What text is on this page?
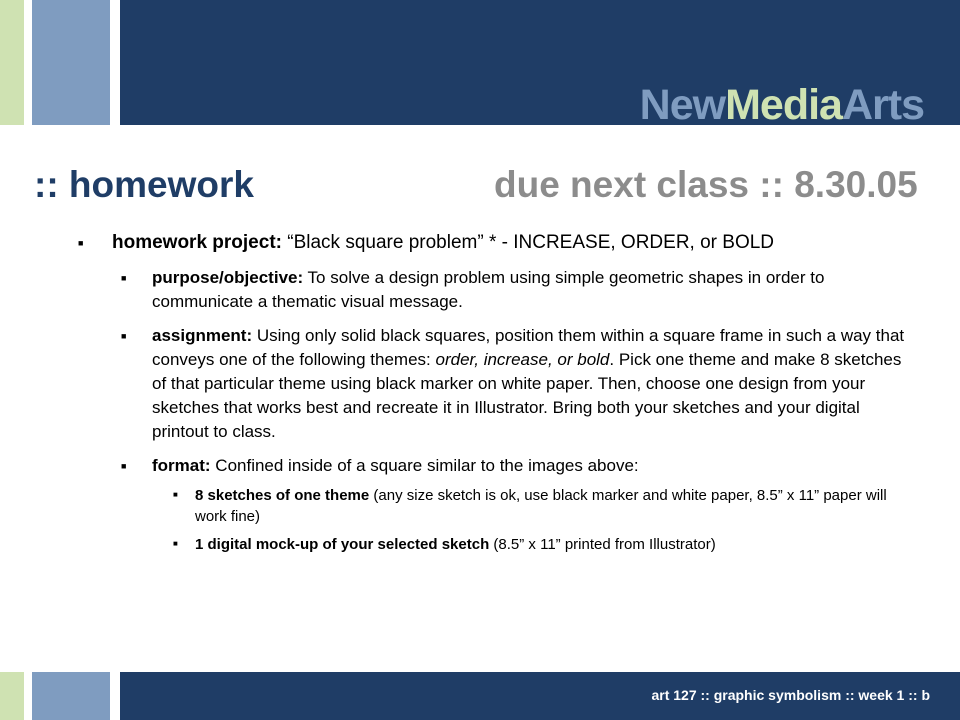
NewMediaArts
:: homework	due next class :: 8.30.05
■ homework project: “Black square problem” * - INCREASE, ORDER, or BOLD
■ purpose/objective: To solve a design problem using simple geometric shapes in order to communicate a thematic visual message.
■ assignment: Using only solid black squares, position them within a square frame in such a way that conveys one of the following themes: order, increase, or bold. Pick one theme and make 8 sketches of that particular theme using black marker on white paper. Then, choose one design from your sketches that works best and recreate it in Illustrator. Bring both your sketches and your digital printout to class.
■ format: Confined inside of a square similar to the images above:
■ 8 sketches of one theme (any size sketch is ok, use black marker and white paper, 8.5” x 11” paper will work fine)
■ 1 digital mock-up of your selected sketch (8.5” x 11” printed from Illustrator)
art 127 :: graphic symbolism :: week 1 :: b
